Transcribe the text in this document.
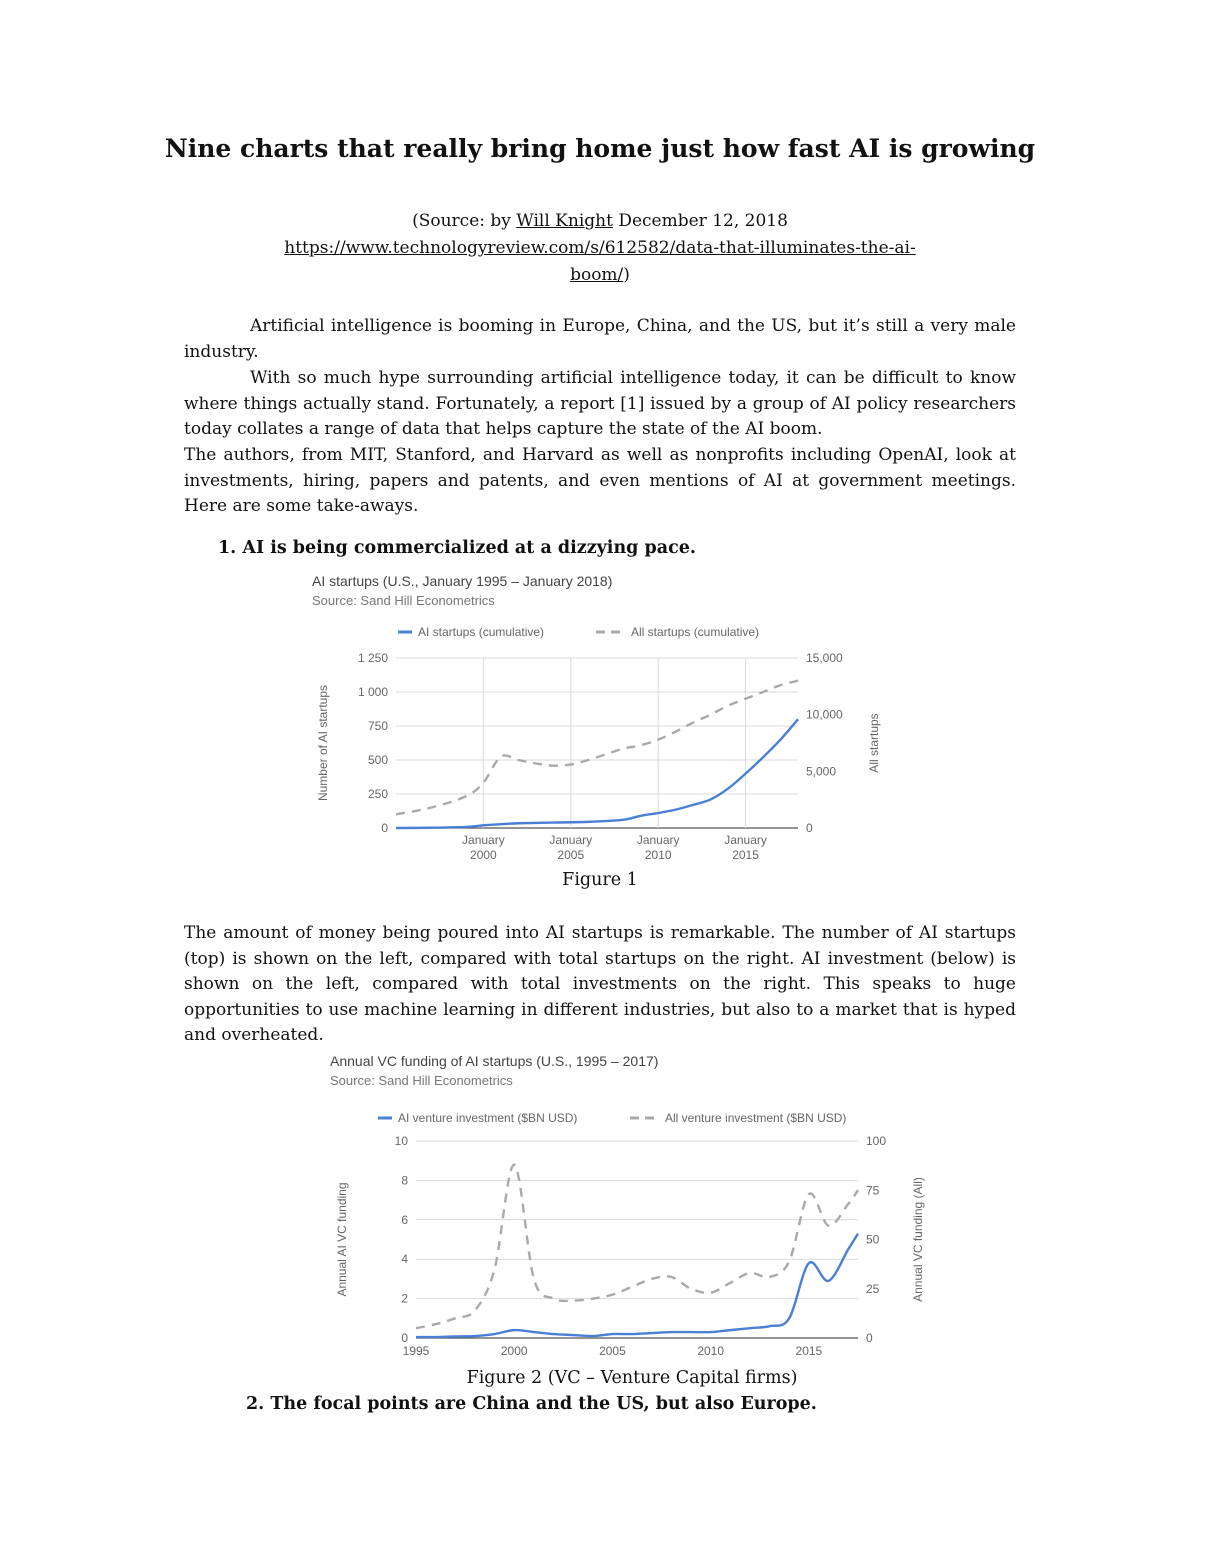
Nine charts that really bring home just how fast AI is growing
(Source: by Will Knight December 12, 2018
https://www.technologyreview.com/s/612582/data-that-illuminates-the-ai-
boom/)

Artificial intelligence is booming in Europe, China, and the US, but it’s still a very male industry.

With so much hype surrounding artificial intelligence today, it can be difficult to know where things actually stand. Fortunately, a report [1] issued by a group of AI policy researchers today collates a range of data that helps capture the state of the AI boom.

The authors, from MIT, Stanford, and Harvard as well as nonprofits including OpenAI, look at investments, hiring, papers and patents, and even mentions of AI at government meetings. Here are some take-aways.

1. AI is being commercialized at a dizzying pace.
AI startups (U.S., January 1995 – January 2018)
Source: Sand Hill Econometrics
AI startups (cumulative)	All startups (cumulative)
0
250
500
750
1 000
1 250
0
5,000
10,000
15,000
January
2000
January
2005
January
2010
January
2015
Number of AI startups	All startups
Figure 1

The amount of money being poured into AI startups is remarkable. The number of AI startups (top) is shown on the left, compared with total startups on the right. AI investment (below) is shown on the left, compared with total investments on the right. This speaks to huge opportunities to use machine learning in different industries, but also to a market that is hyped and overheated.

Annual VC funding of AI startups (U.S., 1995 – 2017)
Source: Sand Hill Econometrics
AI venture investment ($BN USD)	All venture investment ($BN USD)
0
2
4
6
8
10
0
25
50
75
100
1995	2000	2005	2010	2015
Annual AI VC funding	Annual VC funding (All)
Figure 2 (VC – Venture Capital firms)
2. The focal points are China and the US, but also Europe.
